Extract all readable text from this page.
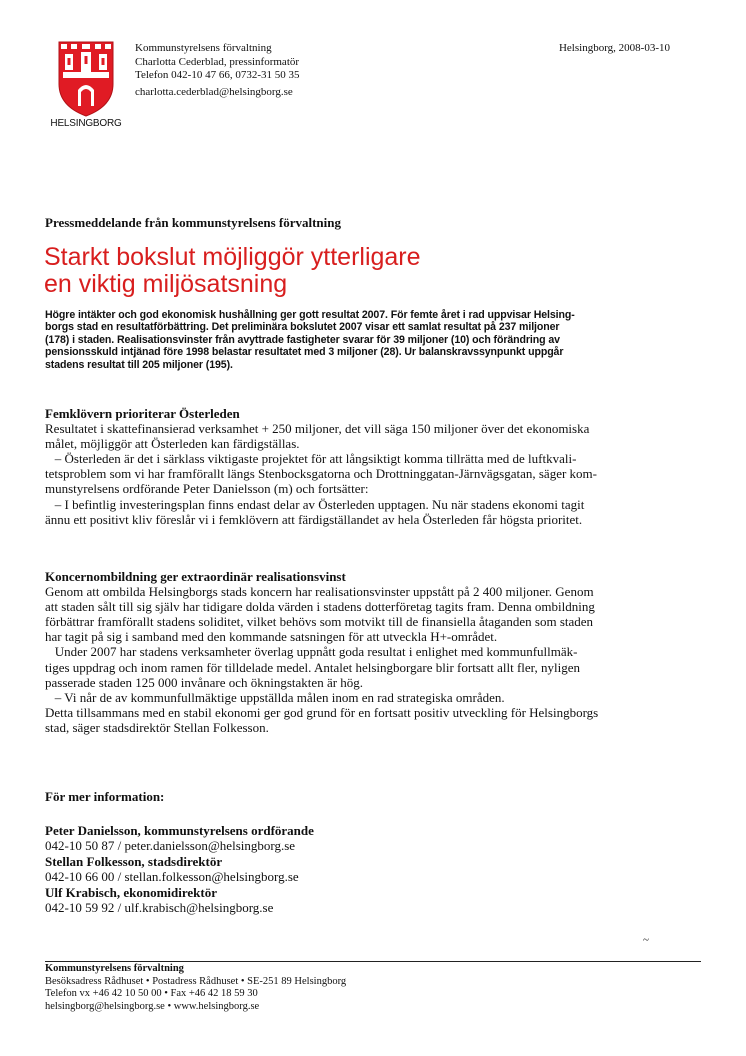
HELSINGBORG
Kommunstyrelsens förvaltning
Charlotta Cederblad, pressinformatör
Telefon 042-10 47 66, 0732-31 50 35
charlotta.cederblad@helsingborg.se
Helsingborg, 2008-03-10
Pressmeddelande från kommunstyrelsens förvaltning
Starkt bokslut möjliggör ytterligare
en viktig miljösatsning
Högre intäkter och god ekonomisk hushållning ger gott resultat 2007. För femte året i rad uppvisar Helsing-
borgs stad en resultatförbättring. Det preliminära bokslutet 2007 visar ett samlat resultat på 237 miljoner
(178) i staden. Realisationsvinster från avyttrade fastigheter svarar för 39 miljoner (10) och förändring av
pensionsskuld intjänad före 1998 belastar resultatet med 3 miljoner (28). Ur balanskravssynpunkt uppgår
stadens resultat till 205 miljoner (195).
Femklövern prioriterar Österleden
Resultatet i skattefinansierad verksamhet + 250 miljoner, det vill säga 150 miljoner över det ekonomiska
målet, möjliggör att Österleden kan färdigställas.
– Österleden är det i särklass viktigaste projektet för att långsiktigt komma tillrätta med de luftkvali-
tetsproblem som vi har framförallt längs Stenbocksgatorna och Drottninggatan-Järnvägsgatan, säger kom-
munstyrelsens ordförande Peter Danielsson (m) och fortsätter:
– I befintlig investeringsplan finns endast delar av Österleden upptagen. Nu när stadens ekonomi tagit
ännu ett positivt kliv föreslår vi i femklövern att färdigställandet av hela Österleden får högsta prioritet.
Koncernombildning ger extraordinär realisationsvinst
Genom att ombilda Helsingborgs stads koncern har realisationsvinster uppstått på 2 400 miljoner. Genom
att staden sålt till sig själv har tidigare dolda värden i stadens dotterföretag tagits fram. Denna ombildning
förbättrar framförallt stadens soliditet, vilket behövs som motvikt till de finansiella åtaganden som staden
har tagit på sig i samband med den kommande satsningen för att utveckla H+-området.
Under 2007 har stadens verksamheter överlag uppnått goda resultat i enlighet med kommunfullmäk-
tiges uppdrag och inom ramen för tilldelade medel. Antalet helsingborgare blir fortsatt allt fler, nyligen
passerade staden 125 000 invånare och ökningstakten är hög.
– Vi når de av kommunfullmäktige uppställda målen inom en rad strategiska områden.
Detta tillsammans med en stabil ekonomi ger god grund för en fortsatt positiv utveckling för Helsingborgs
stad, säger stadsdirektör Stellan Folkesson.
För mer information:
Peter Danielsson, kommunstyrelsens ordförande
042-10 50 87 / peter.danielsson@helsingborg.se
Stellan Folkesson, stadsdirektör
042-10 66 00 / stellan.folkesson@helsingborg.se
Ulf Krabisch, ekonomidirektör
042-10 59 92 / ulf.krabisch@helsingborg.se
~
Kommunstyrelsens förvaltning
Besöksadress Rådhuset • Postadress Rådhuset • SE-251 89 Helsingborg
Telefon vx +46 42 10 50 00 • Fax +46 42 18 59 30
helsingborg@helsingborg.se • www.helsingborg.se
